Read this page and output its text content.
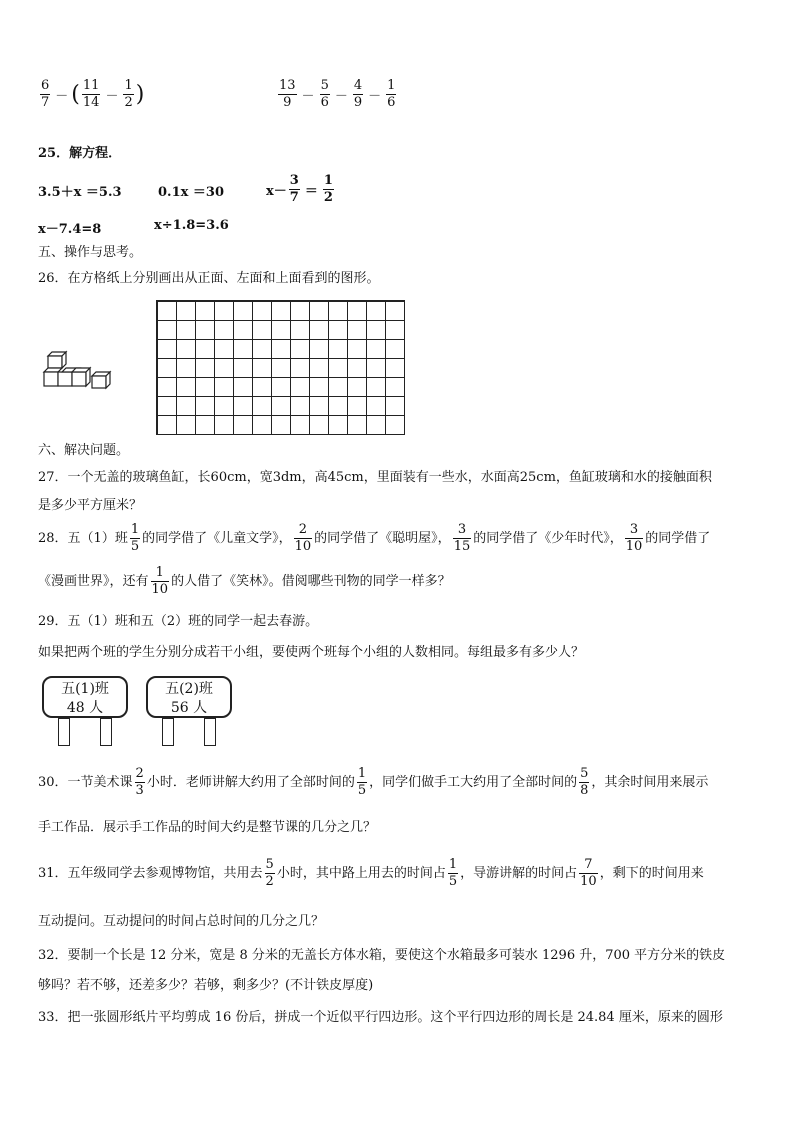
$\frac{6}{7}$ － ( $\frac{11}{14} - \frac{1}{2}$ )	$\frac{13}{9} - \frac{5}{6} - \frac{4}{9} - \frac{1}{6}$
25．解方程．
3.5＋x ＝5.3	0.1x ＝30	$x- \frac{3}{7} = \frac{1}{2}$
x－7.4=8	x÷1.8=3.6
五、操作与思考。
26．在方格纸上分别画出从正面、左面和上面看到的图形。
六、解决问题。
27．一个无盖的玻璃鱼缸，长60cm，宽3dm，高45cm，里面装有一些水，水面高25cm，鱼缸玻璃和水的接触面积
是多少平方厘米？
28．五（1）班 $\frac{1}{5}$ 的同学借了《儿童文学》， $\frac{2}{10}$ 的同学借了《聪明屋》， $\frac{3}{15}$ 的同学借了《少年时代》， $\frac{3}{10}$ 的同学借了
《漫画世界》，还有 $\frac{1}{10}$ 的人借了《笑林》。借阅哪些刊物的同学一样多？
29．五（1）班和五（2）班的同学一起去春游。
如果把两个班的学生分别分成若干小组，要使两个班每个小组的人数相同。每组最多有多少人？
五(1)班
48 人
五(2)班
56 人
30．一节美术课 $\frac{2}{3}$ 小时．老师讲解大约用了全部时间的 $\frac{1}{5}$ ，同学们做手工大约用了全部时间的 $\frac{5}{8}$ ，其余时间用来展示
手工作品．展示手工作品的时间大约是整节课的几分之几？
31．五年级同学去参观博物馆，共用去 $\frac{5}{2}$ 小时，其中路上用去的时间占 $\frac{1}{5}$ ，导游讲解的时间占 $\frac{7}{10}$ ，剩下的时间用来
互动提问。互动提问的时间占总时间的几分之几？
32．要制一个长是 12 分米，宽是 8 分米的无盖长方体水箱，要使这个水箱最多可装水 1296 升，700 平方分米的铁皮
够吗？若不够，还差多少？若够，剩多少？(不计铁皮厚度)
33．把一张圆形纸片平均剪成 16 份后，拼成一个近似平行四边形。这个平行四边形的周长是 24.84 厘米，原来的圆形
